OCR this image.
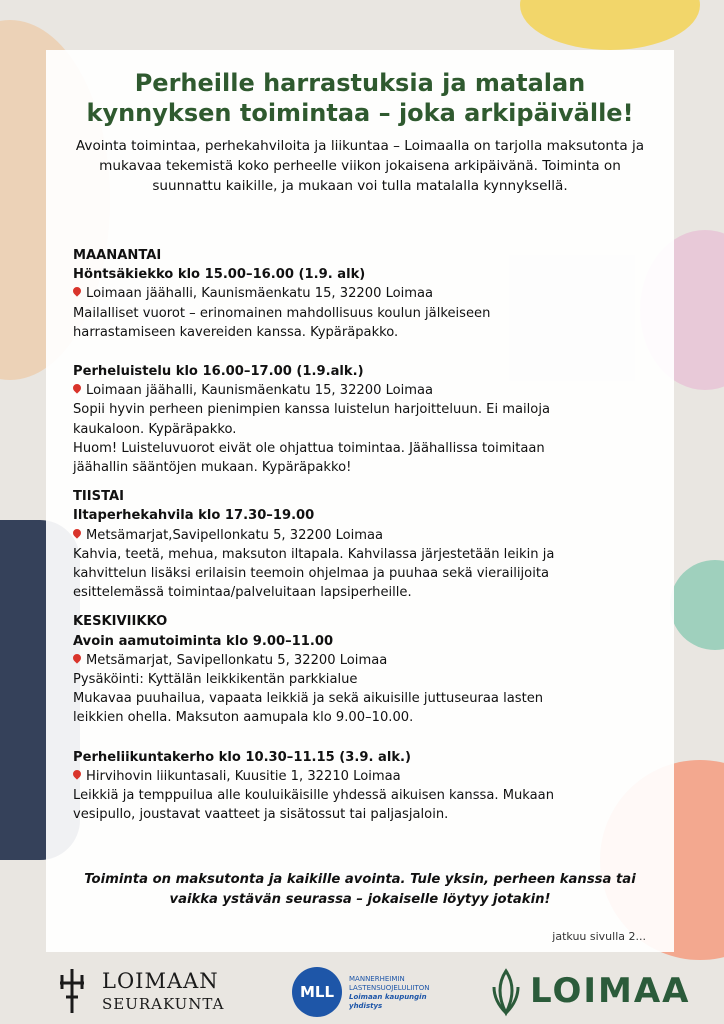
Perheille harrastuksia ja matalan
kynnyksen toimintaa – joka arkipäivälle!
Avointa toimintaa, perhekahviloita ja liikuntaa – Loimaalla on tarjolla maksutonta ja mukavaa tekemistä koko perheelle viikon jokaisena arkipäivänä. Toiminta on suunnattu kaikille, ja mukaan voi tulla matalalla kynnyksellä.
MAANANTAI
Höntsäkiekko klo 15.00–16.00 (1.9. alk)
Loimaan jäähalli, Kaunismäenkatu 15, 32200 Loimaa
Mailalliset vuorot – erinomainen mahdollisuus koulun jälkeiseen
harrastamiseen kavereiden kanssa. Kypäräpakko.
Perheluistelu klo 16.00–17.00 (1.9.alk.)
Loimaan jäähalli, Kaunismäenkatu 15, 32200 Loimaa
Sopii hyvin perheen pienimpien kanssa luistelun harjoitteluun. Ei mailoja
kaukaloon. Kypäräpakko.
Huom! Luisteluvuorot eivät ole ohjattua toimintaa. Jäähallissa toimitaan
jäähallin sääntöjen mukaan. Kypäräpakko!
TIISTAI
Iltaperhekahvila klo 17.30–19.00
Metsämarjat,Savipellonkatu 5, 32200 Loimaa
Kahvia, teetä, mehua, maksuton iltapala. Kahvilassa järjestetään leikin ja
kahvittelun lisäksi erilaisin teemoin ohjelmaa ja puuhaa sekä vierailijoita
esittelemässä toimintaa/palveluitaan lapsiperheille.
KESKIVIIKKO
Avoin aamutoiminta klo 9.00–11.00
Metsämarjat, Savipellonkatu 5, 32200 Loimaa
Pysäköinti: Kyttälän leikkikentän parkkialue
Mukavaa puuhailua, vapaata leikkiä ja sekä aikuisille juttuseuraa lasten
leikkien ohella. Maksuton aamupala klo 9.00–10.00.
Perheliikuntakerho klo 10.30–11.15 (3.9. alk.)
Hirvihovin liikuntasali, Kuusitie 1, 32210 Loimaa
Leikkiä ja temppuilua alle kouluikäisille yhdessä aikuisen kanssa. Mukaan
vesipullo, joustavat vaatteet ja sisätossut tai paljasjaloin.
Toiminta on maksutonta ja kaikille avointa. Tule yksin, perheen kanssa tai
vaikka ystävän seurassa – jokaiselle löytyy jotakin!
jatkuu sivulla 2...
LOIMAAN
SEURAKUNTA
MLL
MANNERHEIMIN
LASTENSUOJELULIITON
Loimaan kaupungin
yhdistys	LOIMAA
